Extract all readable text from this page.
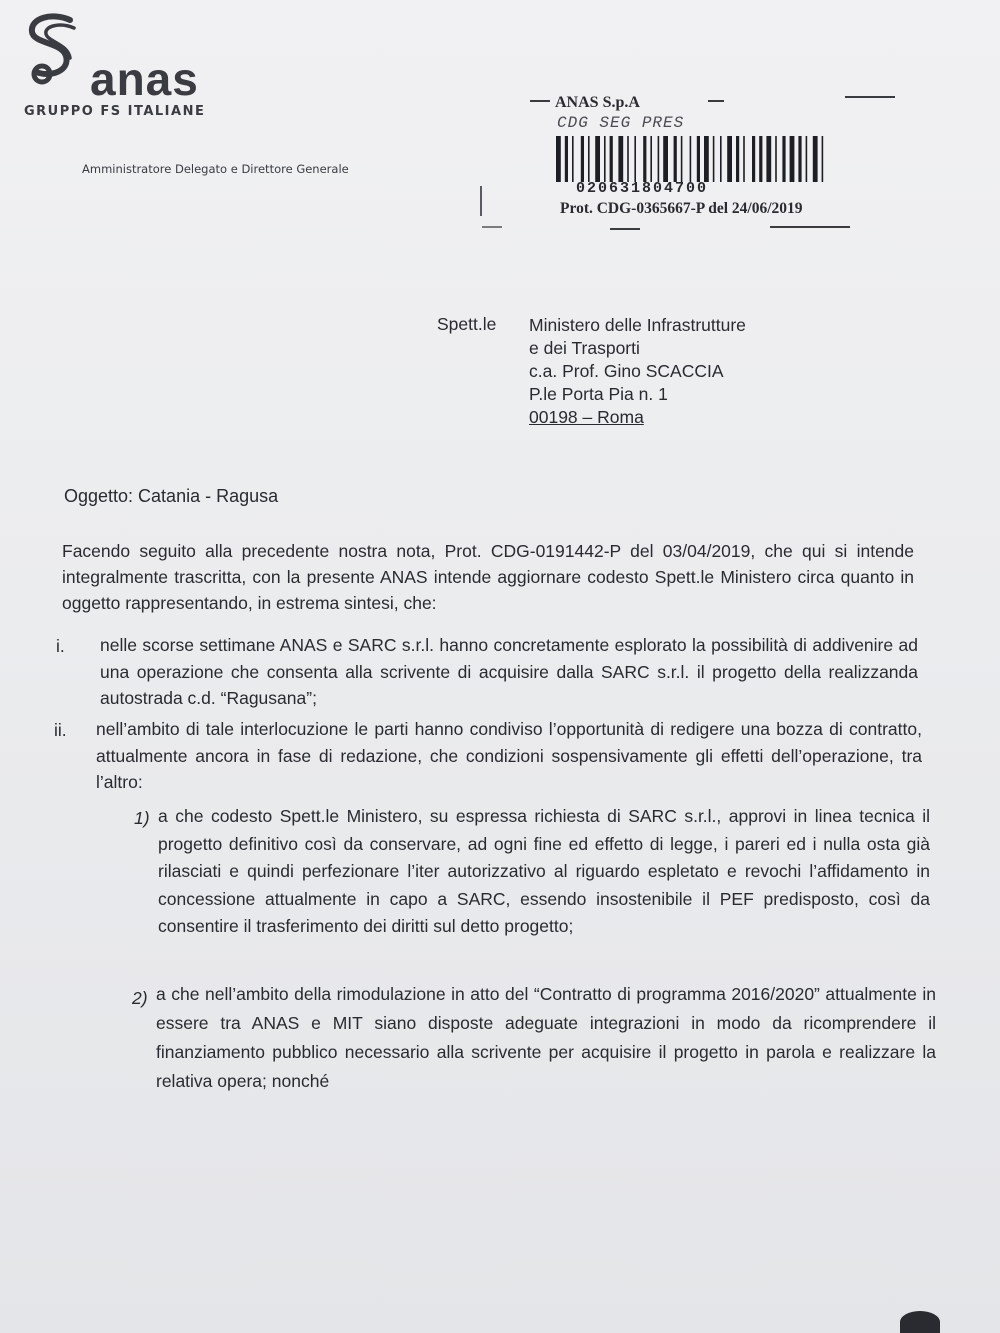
anas
GRUPPO FS ITALIANE
Amministratore Delegato e Direttore Generale
ANAS S.p.A
CDG SEG PRES
020631804700
Prot. CDG-0365667-P del 24/06/2019
Spett.le Ministero delle Infrastrutture
e dei Trasporti
c.a. Prof. Gino SCACCIA
P.le Porta Pia n. 1
00198 – Roma
Oggetto: Catania - Ragusa
Facendo seguito alla precedente nostra nota, Prot. CDG-0191442-P del 03/04/2019, che qui si intende integralmente trascritta, con la presente ANAS intende aggiornare codesto Spett.le Ministero circa quanto in oggetto rappresentando, in estrema sintesi, che:
i. nelle scorse settimane ANAS e SARC s.r.l. hanno concretamente esplorato la possibilità di addivenire ad una operazione che consenta alla scrivente di acquisire dalla SARC s.r.l. il progetto della realizzanda autostrada c.d. “Ragusana”;
ii. nell’ambito di tale interlocuzione le parti hanno condiviso l’opportunità di redigere una bozza di contratto, attualmente ancora in fase di redazione, che condizioni sospensivamente gli effetti dell’operazione, tra l’altro:
1) a che codesto Spett.le Ministero, su espressa richiesta di SARC s.r.l., approvi in linea tecnica il progetto definitivo così da conservare, ad ogni fine ed effetto di legge, i pareri ed i nulla osta già rilasciati e quindi perfezionare l’iter autorizzativo al riguardo espletato e revochi l’affidamento in concessione attualmente in capo a SARC, essendo insostenibile il PEF predisposto, così da consentire il trasferimento dei diritti sul detto progetto;
2) a che nell’ambito della rimodulazione in atto del “Contratto di programma 2016/2020” attualmente in essere tra ANAS e MIT siano disposte adeguate integrazioni in modo da ricomprendere il finanziamento pubblico necessario alla scrivente per acquisire il progetto in parola e realizzare la relativa opera; nonché
